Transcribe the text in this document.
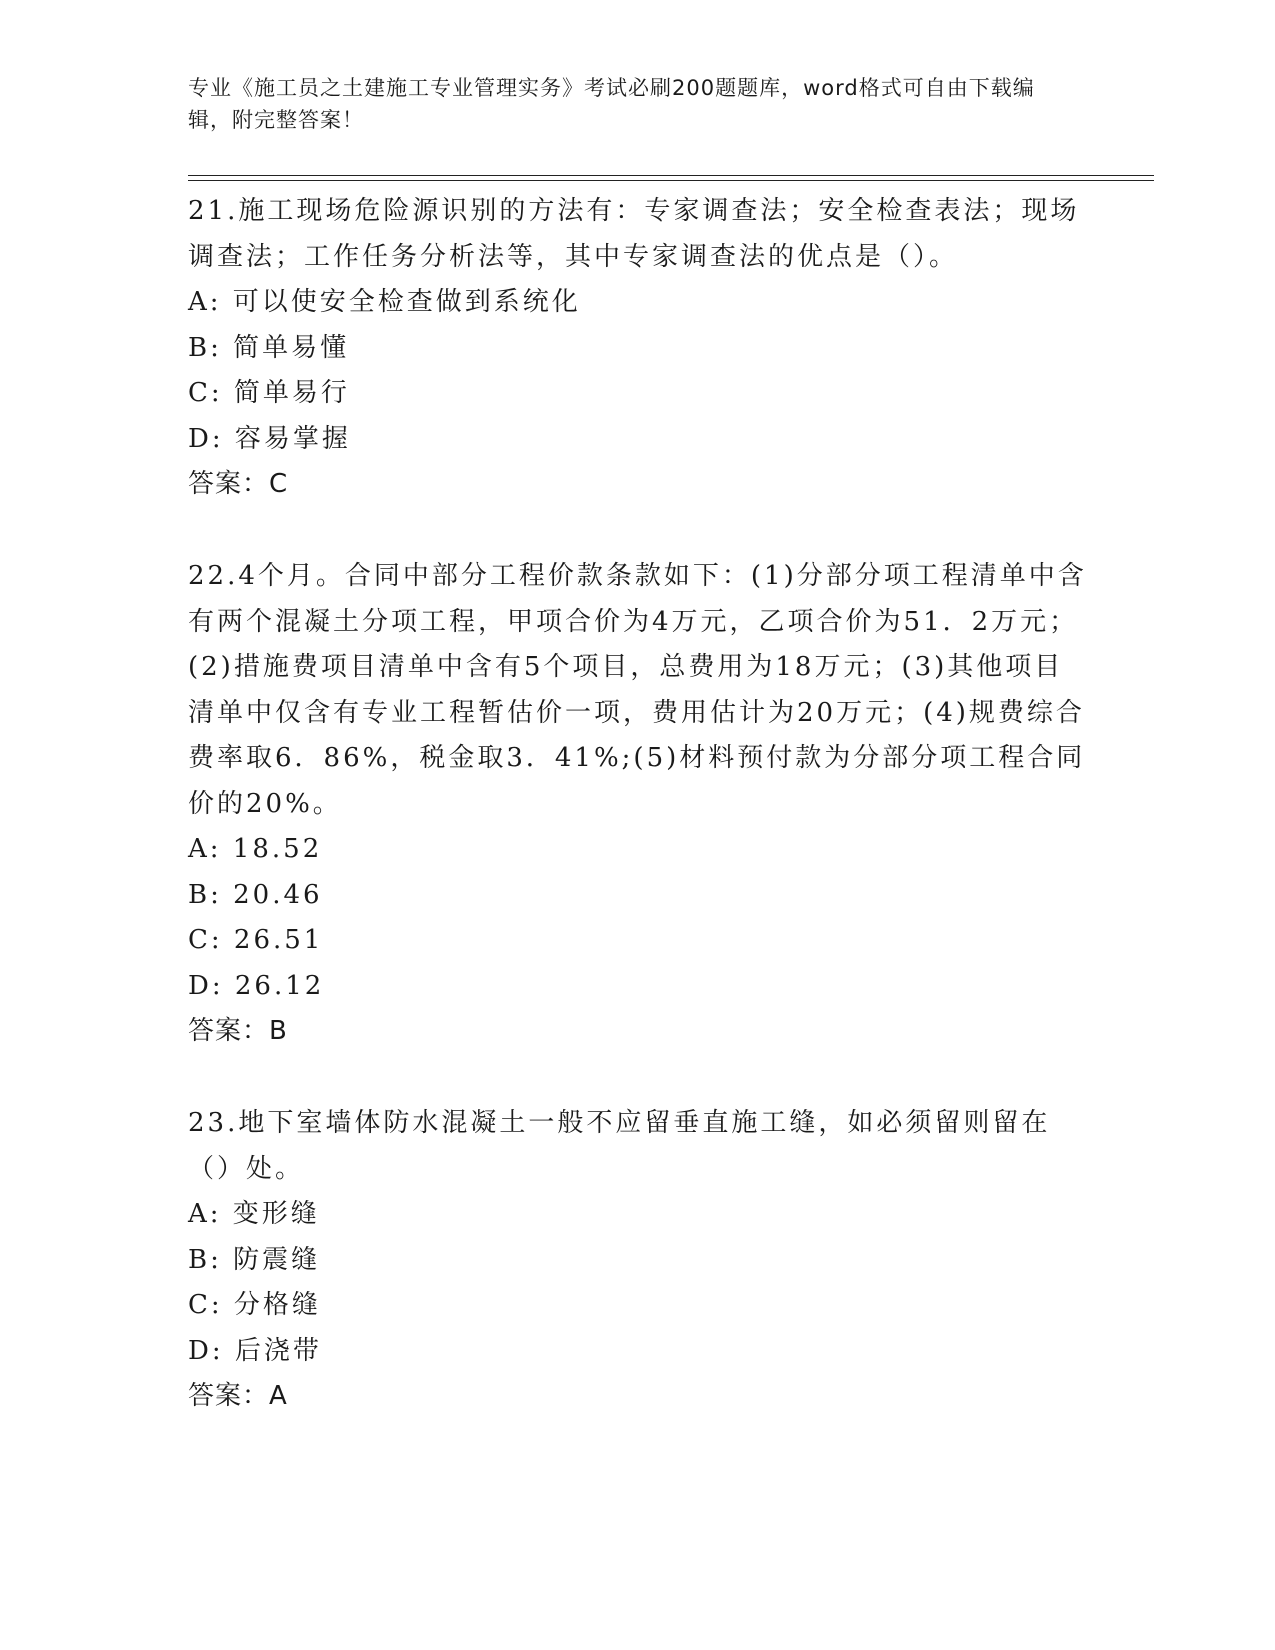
专业《施工员之土建施工专业管理实务》考试必刷200题题库，word格式可自由下载编辑，附完整答案！

21.施工现场危险源识别的方法有：专家调查法；安全检查表法；现场调查法；工作任务分析法等，其中专家调查法的优点是（）。

A: 可以使安全检查做到系统化

B: 简单易懂

C: 简单易行

D: 容易掌握

答案：C

22.4个月。合同中部分工程价款条款如下：(1)分部分项工程清单中含有两个混凝土分项工程，甲项合价为4万元，乙项合价为51．2万元；(2)措施费项目清单中含有5个项目，总费用为18万元；(3)其他项目清单中仅含有专业工程暂估价一项，费用估计为20万元；(4)规费综合费率取6．86%，税金取3．41%;(5)材料预付款为分部分项工程合同价的20%。

A: 18.52

B: 20.46

C: 26.51

D: 26.12

答案：B

23.地下室墙体防水混凝土一般不应留垂直施工缝，如必须留则留在（）处。

A: 变形缝

B: 防震缝

C: 分格缝

D: 后浇带

答案：A
